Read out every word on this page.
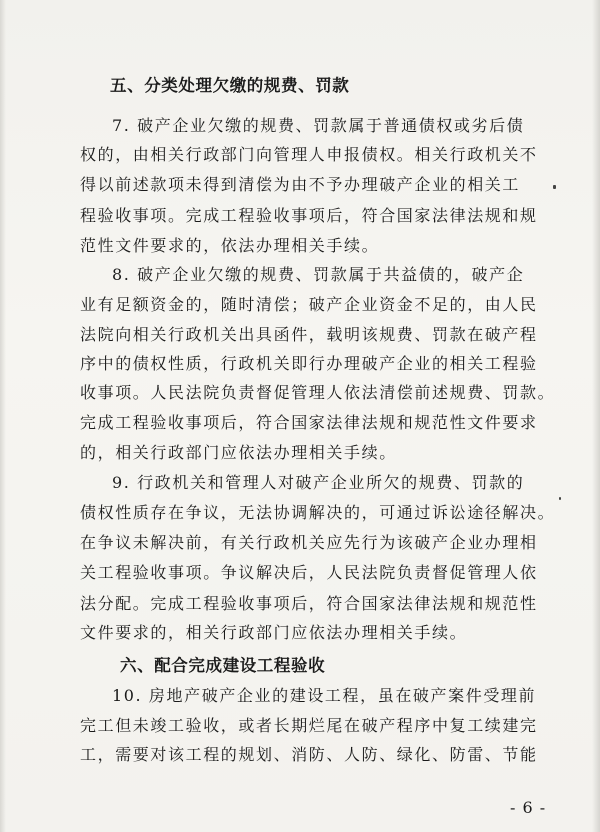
五、分类处理欠缴的规费、罚款
7. 破产企业欠缴的规费、罚款属于普通债权或劣后债
权的，由相关行政部门向管理人申报债权。相关行政机关不
得以前述款项未得到清偿为由不予办理破产企业的相关工
程验收事项。完成工程验收事项后，符合国家法律法规和规
范性文件要求的，依法办理相关手续。
8. 破产企业欠缴的规费、罚款属于共益债的，破产企
业有足额资金的，随时清偿；破产企业资金不足的，由人民
法院向相关行政机关出具函件，载明该规费、罚款在破产程
序中的债权性质，行政机关即行办理破产企业的相关工程验
收事项。人民法院负责督促管理人依法清偿前述规费、罚款。
完成工程验收事项后，符合国家法律法规和规范性文件要求
的，相关行政部门应依法办理相关手续。
9. 行政机关和管理人对破产企业所欠的规费、罚款的
债权性质存在争议，无法协调解决的，可通过诉讼途径解决。
在争议未解决前，有关行政机关应先行为该破产企业办理相
关工程验收事项。争议解决后，人民法院负责督促管理人依
法分配。完成工程验收事项后，符合国家法律法规和规范性
文件要求的，相关行政部门应依法办理相关手续。
六、配合完成建设工程验收
10. 房地产破产企业的建设工程，虽在破产案件受理前
完工但未竣工验收，或者长期烂尾在破产程序中复工续建完
工，需要对该工程的规划、消防、人防、绿化、防雷、节能
- 6 -
